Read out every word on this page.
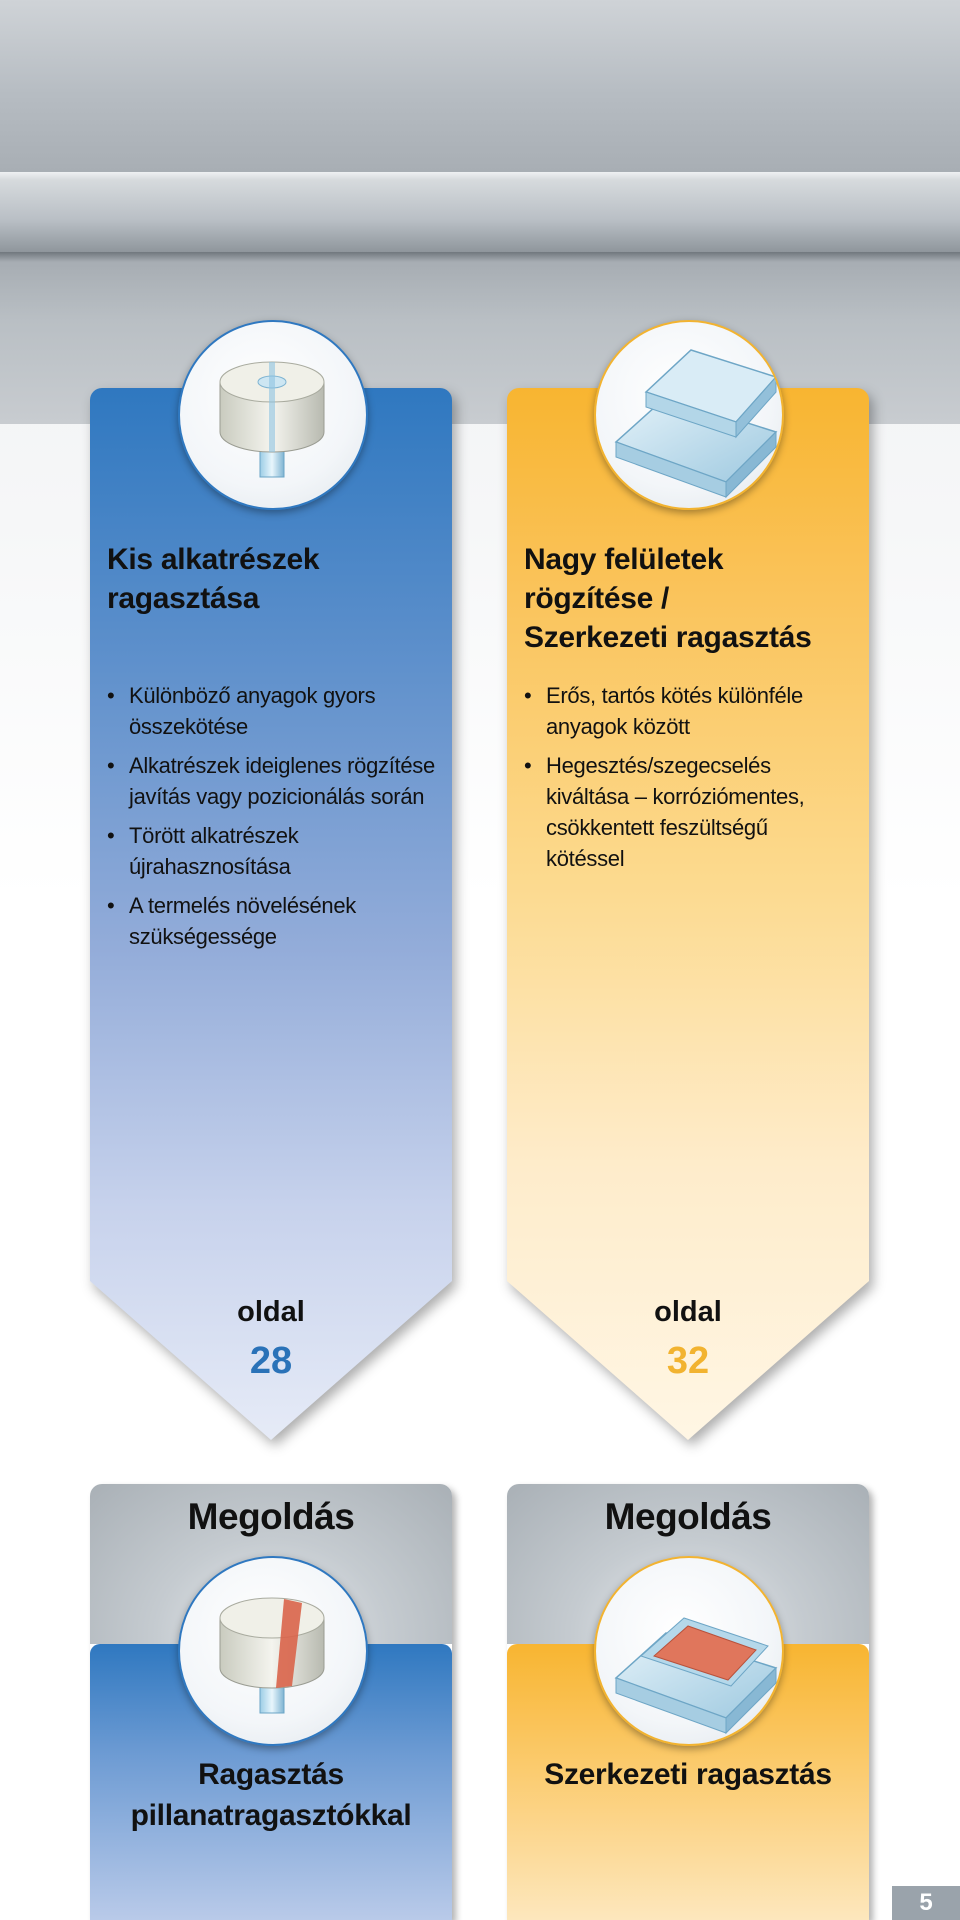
Kis alkatrészek
ragasztása
• Különböző anyagok gyors
összekötése
• Alkatrészek ideiglenes rögzítése
javítás vagy pozicionálás során
• Törött alkatrészek
újrahasznosítása
• A termelés növelésének
szükségessége
oldal
28
Nagy felületek
rögzítése /
Szerkezeti ragasztás
• Erős, tartós kötés különféle
anyagok között
• Hegesztés/szegecselés
kiváltása – korróziómentes,
csökkentett feszültségű
kötéssel
oldal
32
Megoldás
Ragasztás
pillanatragasztókkal
Megoldás
Szerkezeti ragasztás
5
